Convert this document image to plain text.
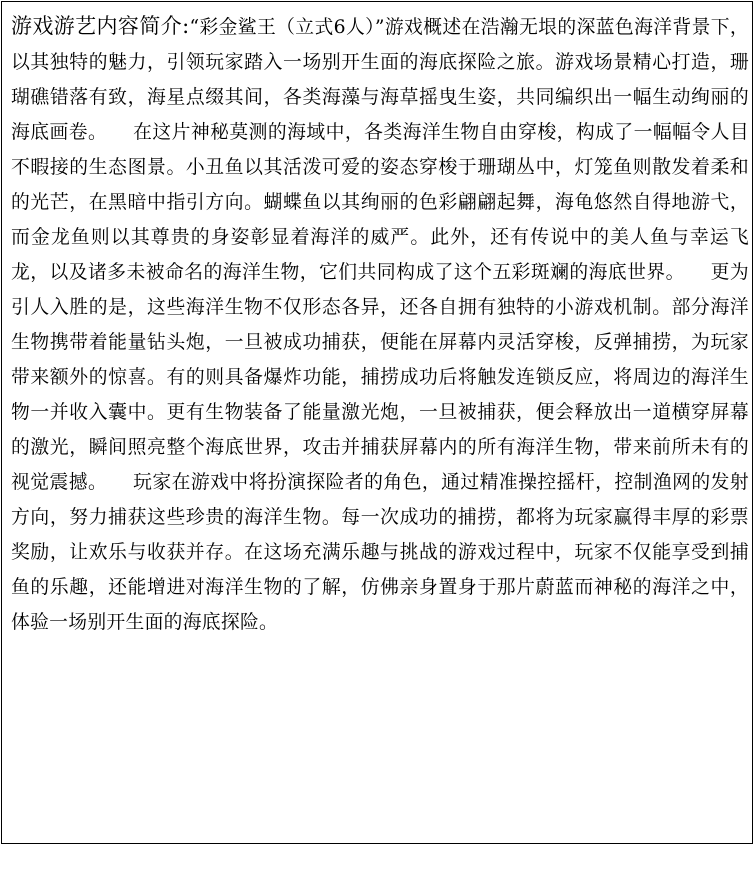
游戏游艺内容简介:“彩金鲨王（立式6人）”游戏概述在浩瀚无垠的深蓝色海洋背景下，以其独特的魅力，引领玩家踏入一场别开生面的海底探险之旅。游戏场景精心打造，珊瑚礁错落有致，海星点缀其间，各类海藻与海草摇曳生姿，共同编织出一幅生动绚丽的海底画卷。 在这片神秘莫测的海域中，各类海洋生物自由穿梭，构成了一幅幅令人目不暇接的生态图景。小丑鱼以其活泼可爱的姿态穿梭于珊瑚丛中，灯笼鱼则散发着柔和的光芒，在黑暗中指引方向。蝴蝶鱼以其绚丽的色彩翩翩起舞，海龟悠然自得地游弋，而金龙鱼则以其尊贵的身姿彰显着海洋的威严。此外，还有传说中的美人鱼与幸运飞龙，以及诸多未被命名的海洋生物，它们共同构成了这个五彩斑斓的海底世界。 更为引人入胜的是，这些海洋生物不仅形态各异，还各自拥有独特的小游戏机制。部分海洋生物携带着能量钻头炮，一旦被成功捕获，便能在屏幕内灵活穿梭，反弹捕捞，为玩家带来额外的惊喜。有的则具备爆炸功能，捕捞成功后将触发连锁反应，将周边的海洋生物一并收入囊中。更有生物装备了能量激光炮，一旦被捕获，便会释放出一道横穿屏幕的激光，瞬间照亮整个海底世界，攻击并捕获屏幕内的所有海洋生物，带来前所未有的视觉震撼。 玩家在游戏中将扮演探险者的角色，通过精准操控摇杆，控制渔网的发射方向，努力捕获这些珍贵的海洋生物。每一次成功的捕捞，都将为玩家赢得丰厚的彩票奖励，让欢乐与收获并存。在这场充满乐趣与挑战的游戏过程中，玩家不仅能享受到捕鱼的乐趣，还能增进对海洋生物的了解，仿佛亲身置身于那片蔚蓝而神秘的海洋之中，体验一场别开生面的海底探险。
